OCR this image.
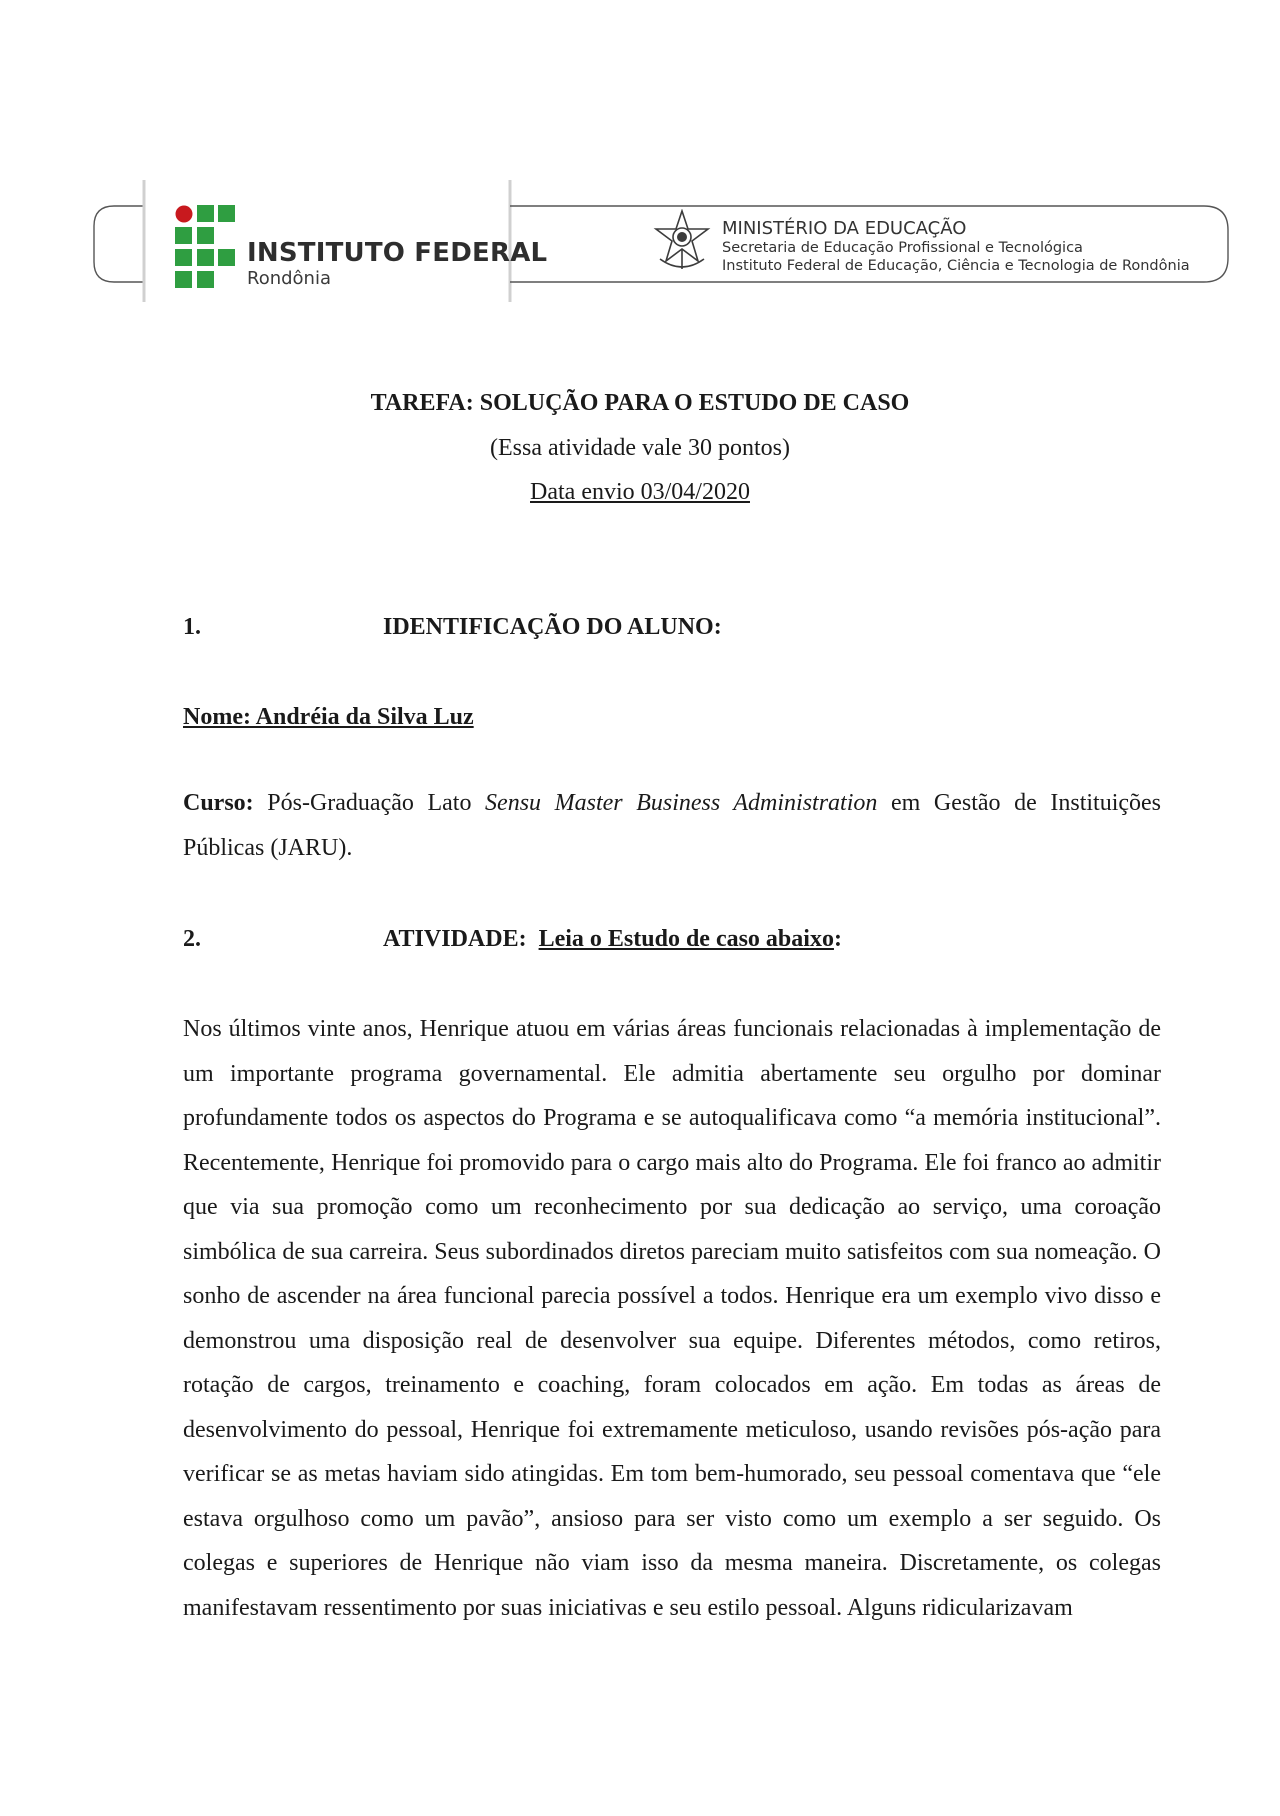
INSTITUTO FEDERAL
Rondônia
MINISTÉRIO DA EDUCAÇÃO
Secretaria de Educação Profissional e Tecnológica
Instituto Federal de Educação, Ciência e Tecnologia de Rondônia
TAREFA: SOLUÇÃO PARA O ESTUDO DE CASO
(Essa atividade vale 30 pontos)
Data envio 03/04/2020
1.	IDENTIFICAÇÃO DO ALUNO:
Nome: Andréia da Silva Luz
Curso: Pós-Graduação Lato Sensu Master Business Administration em Gestão de Instituições Públicas (JARU).
2.	ATIVIDADE: Leia o Estudo de caso abaixo:
Nos últimos vinte anos, Henrique atuou em várias áreas funcionais relacionadas à implementação de um importante programa governamental. Ele admitia abertamente seu orgulho por dominar profundamente todos os aspectos do Programa e se autoqualificava como “a memória institucional”. Recentemente, Henrique foi promovido para o cargo mais alto do Programa. Ele foi franco ao admitir que via sua promoção como um reconhecimento por sua dedicação ao serviço, uma coroação simbólica de sua carreira. Seus subordinados diretos pareciam muito satisfeitos com sua nomeação. O sonho de ascender na área funcional parecia possível a todos. Henrique era um exemplo vivo disso e demonstrou uma disposição real de desenvolver sua equipe. Diferentes métodos, como retiros, rotação de cargos, treinamento e coaching, foram colocados em ação. Em todas as áreas de desenvolvimento do pessoal, Henrique foi extremamente meticuloso, usando revisões pós-ação para verificar se as metas haviam sido atingidas. Em tom bem-humorado, seu pessoal comentava que “ele estava orgulhoso como um pavão”, ansioso para ser visto como um exemplo a ser seguido. Os colegas e superiores de Henrique não viam isso da mesma maneira. Discretamente, os colegas manifestavam ressentimento por suas iniciativas e seu estilo pessoal. Alguns ridicularizavam
